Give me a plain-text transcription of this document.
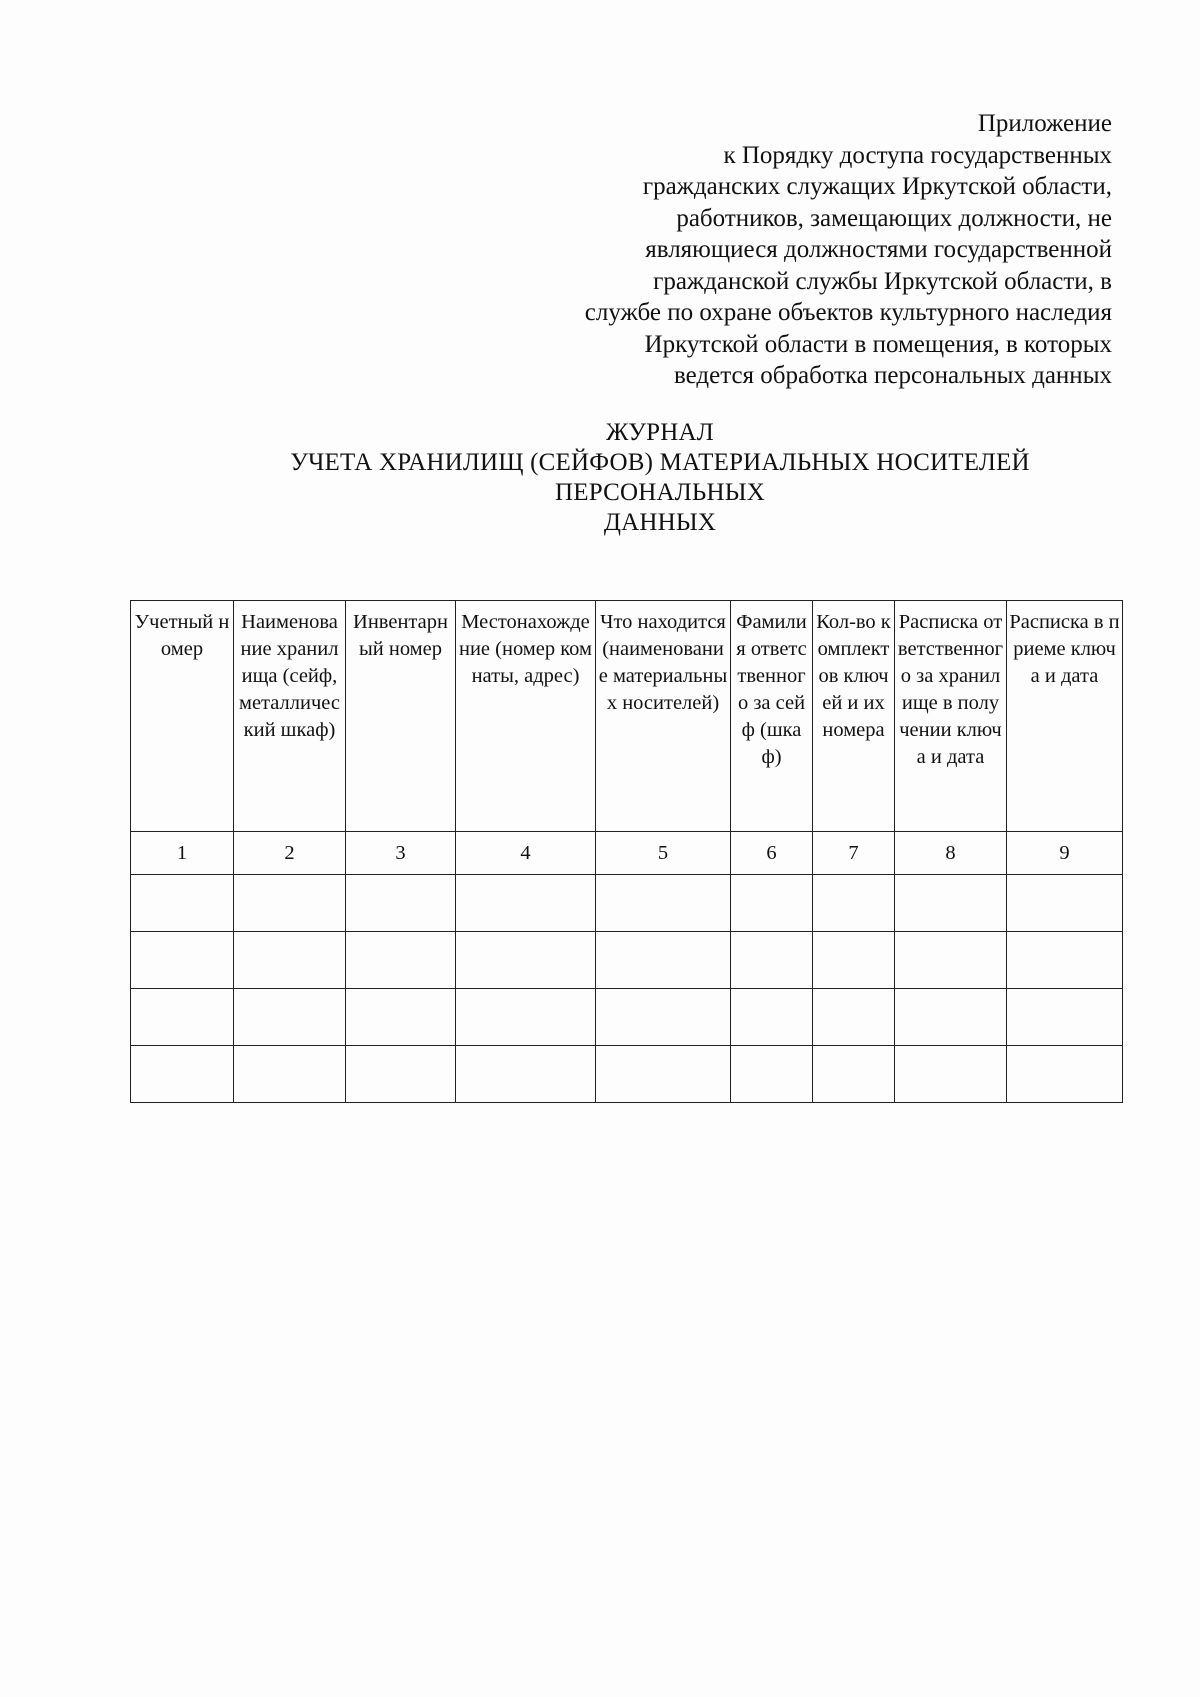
Приложение
к Порядку доступа государственных
гражданских служащих Иркутской области,
работников, замещающих должности, не
являющиеся должностями государственной
гражданской службы Иркутской области, в
службе по охране объектов культурного наследия
Иркутской области в помещения, в которых
ведется обработка персональных данных
ЖУРНАЛ
УЧЕТА ХРАНИЛИЩ (СЕЙФОВ) МАТЕРИАЛЬНЫХ НОСИТЕЛЕЙ
ПЕРСОНАЛЬНЫХ
ДАННЫХ
Учетный номер	Наименование хранилища (сейф, металлический шкаф)	Инвентарный номер	Местонахождение (номер комнаты, адрес)	Что находится (наименование материальных носителей)	Фамилия ответственного за сейф (шкаф)	Кол-во комплектов ключей и их номера	Расписка ответственного за хранилище в получении ключа и дата	Расписка в приеме ключа и дата
1	2	3	4	5	6	7	8	9
